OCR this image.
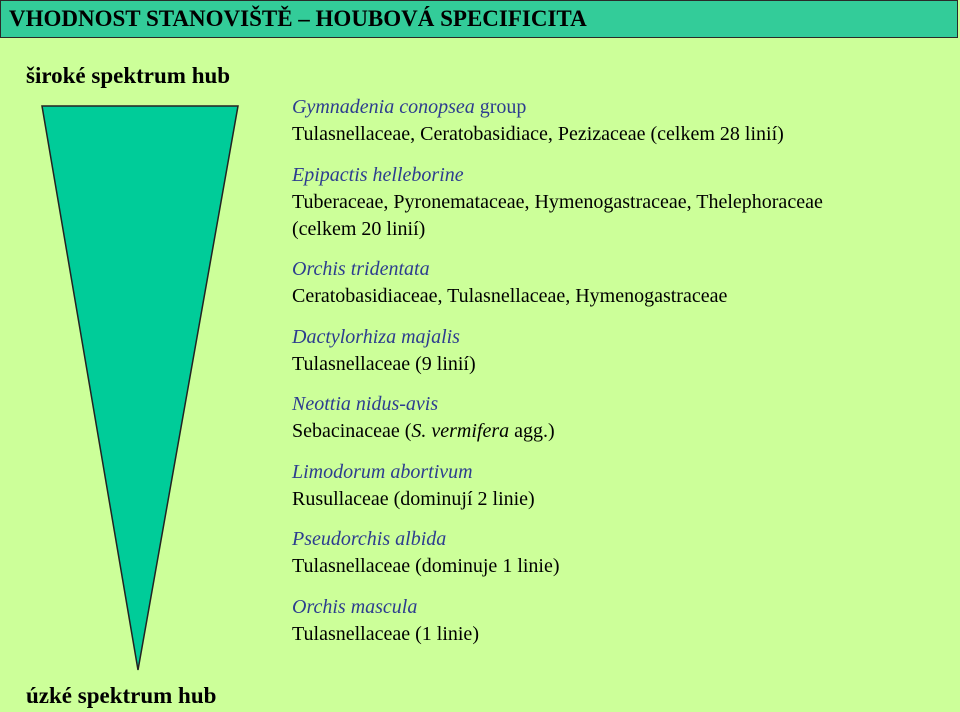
VHODNOST STANOVIŠTĚ – HOUBOVÁ SPECIFICITA
široké spektrum hub
úzké spektrum hub
Gymnadenia conopsea group
Tulasnellaceae, Ceratobasidiace, Pezizaceae (celkem 28 linií)
Epipactis helleborine
Tuberaceae, Pyronemataceae, Hymenogastraceae, Thelephoraceae
(celkem 20 linií)
Orchis tridentata
Ceratobasidiaceae, Tulasnellaceae, Hymenogastraceae
Dactylorhiza majalis
Tulasnellaceae (9 linií)
Neottia nidus-avis
Sebacinaceae (S. vermifera agg.)
Limodorum abortivum
Rusullaceae (dominují 2 linie)
Pseudorchis albida
Tulasnellaceae (dominuje 1 linie)
Orchis mascula
Tulasnellaceae (1 linie)
